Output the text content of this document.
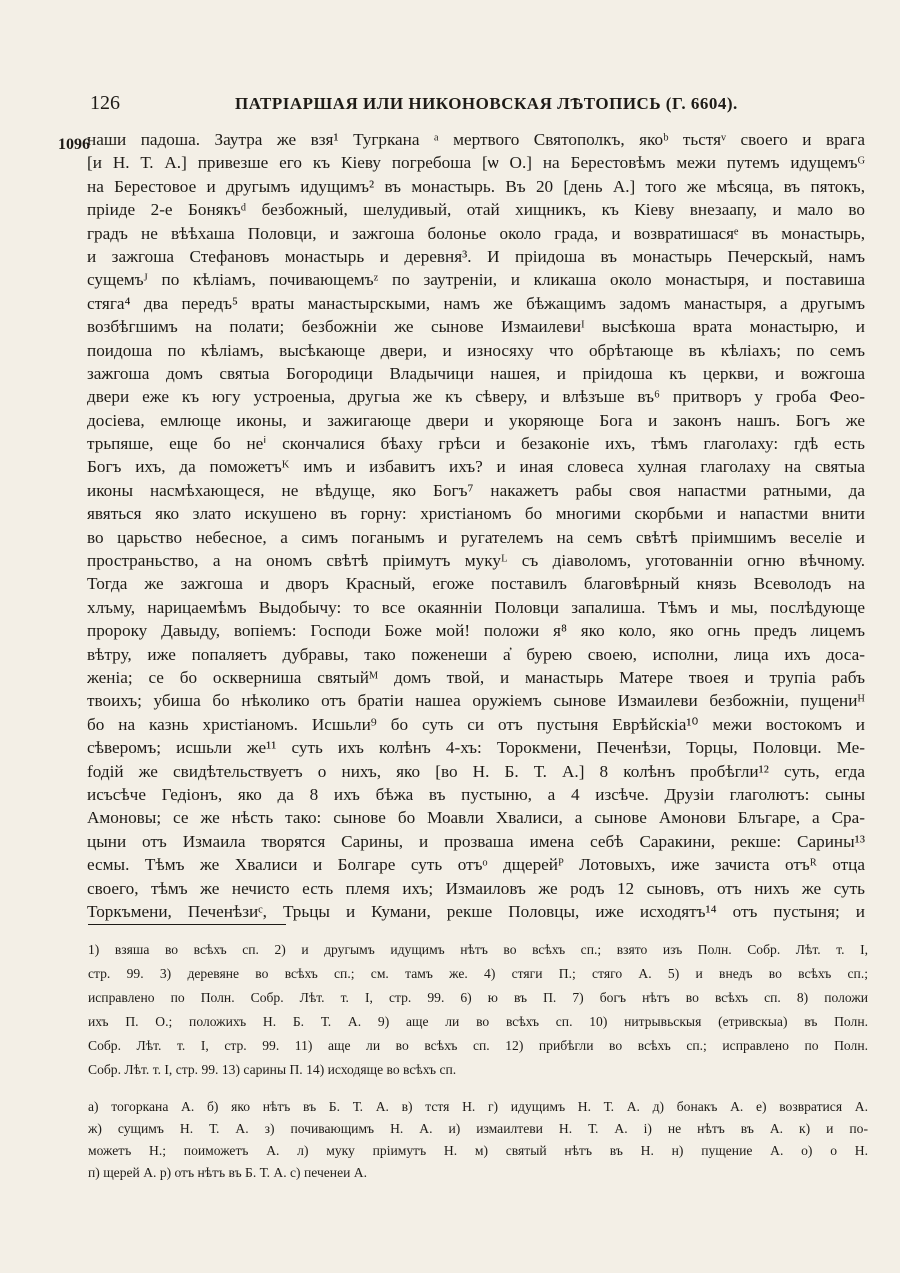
126	ПАТРІАРШАЯ ИЛИ НИКОНОВСКАЯ ЛѢТОПИСЬ (Г. 6604).
1096
наши падоша. Заутра же взя¹ Тугркана ᵃ мертвого Святополкъ, якоᵇ тьстяᵛ своего и врага
[и Н. Т. А.] привезше его къ Кіеву погребоша [ѡ О.] на Берестовѣмъ межи путемъ идущемъᴳ
на Берестовое и другымъ идущимъ² въ монастырь. Въ 20 [день А.] того же мѣсяца, въ пятокъ,
пріиде 2-е Бонякъᵈ безбожный, шелудивый, отай хищникъ, къ Кіеву внезаапу, и мало во
градъ не вѣѣхаша Половци, и зажгоша болонье около града, и возвратишасяᵉ въ монастырь,
и зажгоша Стефановъ монастырь и деревня³. И пріидоша въ монастырь Печерскый, намъ
сущемъᴶ по кѣліамъ, почивающемъᶻ по заутреніи, и кликаша около монастыря, и поставиша
стяга⁴ два передъ⁵ враты манастырскыми, намъ же бѣжащимъ задомъ манастыря, а другымъ
возбѣгшимъ на полати; безбожніи же сынове Измаилевиᴵ высѣкоша врата монастырю, и
поидоша по кѣліамъ, высѣкающе двери, и износяху что обрѣтающе въ кѣліахъ; по семъ
зажгоша домъ святыа Богородици Владычици нашея, и пріидоша къ церкви, и вожгоша
двери еже къ югу устроеныа, другыа же къ сѣверу, и влѣзъше въ⁶ притворъ у гроба Фео-
досіева, емлюще иконы, и зажигающе двери и укоряюще Бога и законъ нашъ. Богъ же
трьпяше, еще бо неⁱ скончалися бѣаху грѣси и безаконіе ихъ, тѣмъ глаголаху: гдѣ есть
Богъ ихъ, да поможетъᴷ имъ и избавитъ ихъ? и иная словеса хулная глаголаху на святыа
иконы насмѣхающеся, не вѣдуще, яко Богъ⁷ накажетъ рабы своя напастми ратными, да
явяться яко злато искушено въ горну: христіаномъ бо многими скорбьми и напастми внити
во царьство небесное, а симъ поганымъ и ругателемъ на семъ свѣтѣ пріимшимъ веселіе и
пространьство, а на ономъ свѣтѣ пріимутъ мукуᴸ съ діаволомъ, уготованніи огню вѣчному.
Тогда же зажгоша и дворъ Красный, егоже поставилъ благовѣрный князь Всеволодъ на
хлъму, нарицаемѣмъ Выдобычу: то все окаянніи Половци запалиша. Тѣмъ и мы, послѣдующе
пророку Давыду, вопіемъ: Господи Боже мой! положи я⁸ яко коло, яко огнь предъ лицемъ
вѣтру, иже попаляетъ дубравы, тако поженеши а̓ бурею своею, исполни, лица ихъ доса-
женіа; се бо оскверниша святыйᴹ домъ твой, и манастырь Матере твоея и трупіа рабъ
твоихъ; убиша бо нѣколико отъ братіи нашеа оружіемъ сынове Измаилеви безбожніи, пущениᴴ
бо на казнь христіаномъ. Исшьли⁹ бо суть си отъ пустыня Еврѣйскіа¹⁰ межи востокомъ и
сѣверомъ; исшьли же¹¹ суть ихъ колѣнъ 4-хъ: Торокмени, Печенѣзи, Торцы, Половци. Ме-
fодій же свидѣтельствуетъ о нихъ, яко [во Н. Б. Т. А.] 8 колѣнъ пробѣгли¹² суть, егда
исъсѣче Гедіонъ, яко да 8 ихъ бѣжа въ пустыню, а 4 изсѣче. Друзіи глаголютъ: сыны
Амоновы; се же нѣсть тако: сынове бо Моавли Хвалиси, а сынове Амонови Блъгаре, а Сра-
цыни отъ Измаила творятся Сарины, и прозваша имена себѣ Саракини, рекше: Сарины¹³
есмы. Тѣмъ же Хвалиси и Болгаре суть отъᵒ дщерейᴾ Лотовыхъ, иже зачиста отъᴿ отца
своего, тѣмъ же нечисто есть племя ихъ; Измаиловъ же родъ 12 сыновъ, отъ нихъ же суть
Торкъмени, Печенѣзиᶜ, Трьцы и Кумани, рекше Половцы, иже исходятъ¹⁴ отъ пустыня; и
1) взяша во всѣхъ сп. 2) и другымъ идущимъ нѣтъ во всѣхъ сп.; взято изъ Полн. Собр. Лѣт. т. I,
стр. 99. 3) деревяне во всѣхъ сп.; см. тамъ же. 4) стяги П.; стяго А. 5) и внедъ во всѣхъ сп.;
исправлено по Полн. Собр. Лѣт. т. I, стр. 99. 6) ю въ П. 7) богъ нѣтъ во всѣхъ сп. 8) положи
ихъ П. О.; положихъ Н. Б. Т. А. 9) аще ли во всѣхъ сп. 10) нитрывьскыя (етривскыа) въ Полн.
Собр. Лѣт. т. I, стр. 99. 11) аще ли во всѣхъ сп. 12) прибѣгли во всѣхъ сп.; исправлено по Полн.
Собр. Лѣт. т. I, стр. 99. 13) сарины П. 14) исходяще во всѣхъ сп.
а) тогоркана А. б) яко нѣтъ въ Б. Т. А. в) тстя Н. г) идущимъ Н. Т. А. д) бонакъ А. е) возвратися А.
ж) сущимъ Н. Т. А. з) почивающимъ Н. А. и) измаилтеви Н. Т. А. і) не нѣтъ въ А. к) и по-
можетъ Н.; поиможетъ А. л) муку пріимутъ Н. м) святый нѣтъ въ Н. н) пущение А. о) о Н.
п) щерей А. р) отъ нѣтъ въ Б. Т. А. с) печенеи А.
